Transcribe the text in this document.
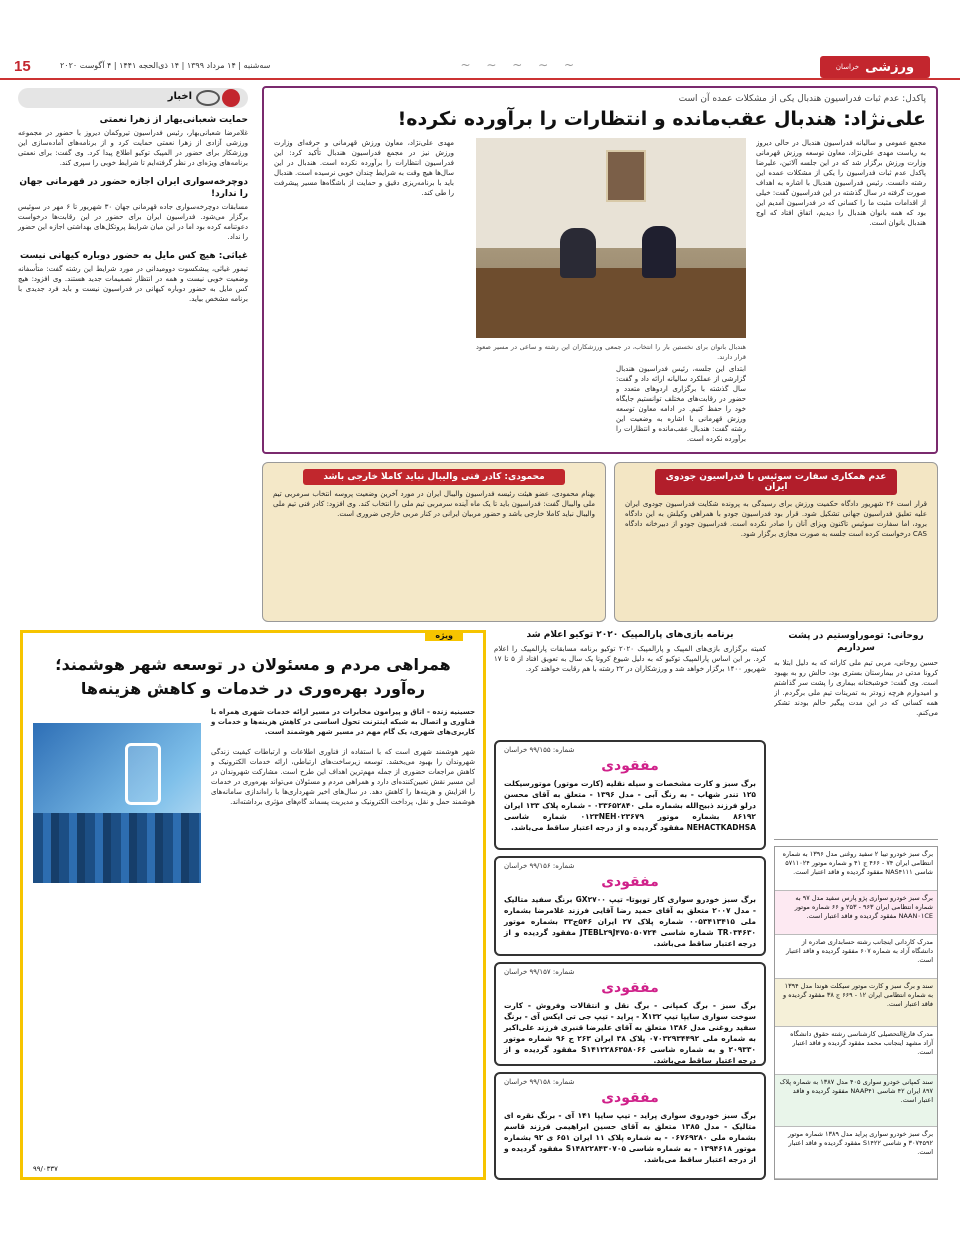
ورزشی
خراسان
~ ∽ ~ ∽ ~
سه‌شنبه | ۱۴ مرداد ۱۳۹۹ | ۱۴ ذی‌الحجه ۱۴۴۱ | ۴ آگوست ۲۰۲۰
15
اخبار
حمایت شعبانی‌بهار از زهرا نعمتی
غلامرضا شعبانی‌بهار، رئیس فدراسیون تیروکمان دیروز با حضور در مجموعه ورزشی آزادی از زهرا نعمتی حمایت کرد و از برنامه‌های آماده‌سازی این ورزشکار برای حضور در المپیک توکیو اطلاع پیدا کرد. وی گفت: برای نعمتی برنامه‌های ویژه‌ای در نظر گرفته‌ایم تا شرایط خوبی را سپری کند.
دوچرخه‌سواری ایران اجازه حضور در قهرمانی جهان را ندارد!
مسابقات دوچرخه‌سواری جاده قهرمانی جهان ۳۰ شهریور تا ۶ مهر در سوئیس برگزار می‌شود. فدراسیون ایران برای حضور در این رقابت‌ها درخواست دعوتنامه کرده بود اما در این میان شرایط پروتکل‌های بهداشتی اجازه این حضور را نداد.
غیاثی: هیچ کس مایل به حضور دوباره کیهانی نیست
تیمور غیاثی، پیشکسوت دوومیدانی در مورد شرایط این رشته گفت: متأسفانه وضعیت خوبی نیست و همه در انتظار تصمیمات جدید هستند. وی افزود: هیچ کس مایل به حضور دوباره کیهانی در فدراسیون نیست و باید فرد جدیدی با برنامه مشخص بیاید.
پاکدل: عدم ثبات فدراسیون هندبال یکی از مشکلات عمده آن است
علی‌نژاد: هندبال عقب‌مانده و انتظارات را برآورده نکرده!
مجمع عمومی و سالیانه فدراسیون هندبال در حالی دیروز به ریاست مهدی علی‌نژاد، معاون توسعه ورزش قهرمانی وزارت ورزش برگزار شد که در این جلسه آلاتین، علیرضا پاکدل عدم ثبات فدراسیون را یکی از مشکلات عمده این رشته دانست. رئیس فدراسیون هندبال با اشاره به اهداف صورت گرفته در سال گذشته در این فدراسیون گفت: خیلی از اقدامات مثبت ما را کسانی که در فدراسیون آمدیم این بود که همه بانوان هندبال را دیدیم، اتفاق افتاد که اوج هندبال بانوان است.
هندبال بانوان برای نخستین بار را انتخاب، در جمعی ورزشکاران این رشته و ساعی در مسیر صعود قرار دارند.
ابتدای این جلسه، رئیس فدراسیون هندبال گزارشی از عملکرد سالیانه ارائه داد و گفت: سال گذشته با برگزاری اردوهای متعدد و حضور در رقابت‌های مختلف توانستیم جایگاه خود را حفظ کنیم. در ادامه معاون توسعه ورزش قهرمانی با اشاره به وضعیت این رشته گفت: هندبال عقب‌مانده و انتظارات را برآورده نکرده است.
مهدی علی‌نژاد، معاون ورزش قهرمانی و حرفه‌ای وزارت ورزش نیز در مجمع فدراسیون هندبال تأکید کرد: این فدراسیون انتظارات را برآورده نکرده است. هندبال در این سال‌ها هیچ وقت به شرایط چندان خوبی نرسیده است. هندبال باید با برنامه‌ریزی دقیق و حمایت از باشگاه‌ها مسیر پیشرفت را طی کند.
عدم همکاری سفارت سوئیس با فدراسیون جودوی ایران
قرار است ۲۶ شهریور دادگاه حکمیت ورزش برای رسیدگی به پرونده شکایت فدراسیون جودوی ایران علیه تعلیق فدراسیون جهانی تشکیل شود. قرار بود فدراسیون جودو با همراهی وکیلش به این دادگاه برود، اما سفارت سوئیس تاکنون ویزای آنان را صادر نکرده است. فدراسیون جودو از دبیرخانه دادگاه CAS درخواست کرده است جلسه به صورت مجازی برگزار شود.
محمودی: کادر فنی والیبال نباید کاملا خارجی باشد
بهنام محمودی، عضو هیئت رئیسه فدراسیون والیبال ایران در مورد آخرین وضعیت پروسه انتخاب سرمربی تیم ملی والیبال گفت: فدراسیون باید تا یک ماه آینده سرمربی تیم ملی را انتخاب کند. وی افزود: کادر فنی تیم ملی والیبال نباید کاملا خارجی باشد و حضور مربیان ایرانی در کنار مربی خارجی ضروری است.
روحانی: توموراوستیم در پشت سرداریم
حسین روحانی، مربی تیم ملی کاراته که به دلیل ابتلا به کرونا مدتی در بیمارستان بستری بود، حالش رو به بهبود است. وی گفت: خوشبختانه بیماری را پشت سر گذاشتم و امیدوارم هرچه زودتر به تمرینات تیم ملی برگردم. از همه کسانی که در این مدت پیگیر حالم بودند تشکر می‌کنم.
برنامه بازی‌های پارالمپیک ۲۰۲۰ توکیو اعلام شد
کمیته برگزاری بازی‌های المپیک و پارالمپیک ۲۰۲۰ توکیو برنامه مسابقات پارالمپیک را اعلام کرد. بر این اساس پارالمپیک توکیو که به دلیل شیوع کرونا یک سال به تعویق افتاد از ۵ تا ۱۷ شهریور ۱۴۰۰ برگزار خواهد شد و ورزشکاران در ۲۲ رشته با هم رقابت خواهند کرد.
شماره: ۹۹/۱۵۵ خراسان
مفقودی
برگ سبز و کارت مشخصات و سیله نقلیه (کارت موتور) موتورسیکلت ۱۲۵ تندر شهاب - به رنگ آبی - مدل ۱۳۹۶ - متعلق به آقای محسن درلو فرزند ذبیح‌الله بشماره ملی ۰۳۳۶۵۲۸۴۰ - شماره پلاک ۱۳۳ ایران ۸۶۱۹۲ بشماره موتور ۰۱۲۳NEH۰۲۳۶۷۹ شماره شاسی NEHACTKADHSA مفقود گردیده و از درجه اعتبار ساقط می‌باشد.
شماره: ۹۹/۱۵۶ خراسان
مفقودی
برگ سبز خودرو سواری کار تویوتا- تیپ GX۲۷۰۰ برنگ سفید متالیک - مدل ۲۰۰۷ متعلق به آقای حمید رضا آقایی فرزند غلامرضا بشماره ملی ۰۰۵۳۴۱۳۴۱۵ شماره پلاک ۲۷ ایران ۵۴۶ج۳۳ بشماره موتور TR۰۳۴۶۳۰ شماره شاسی JTEBL۲۹J۴۷۵۰۵۰۷۲۴ مفقود گردیده و از درجه اعتبار ساقط می‌باشد.
شماره: ۹۹/۱۵۷ خراسان
مفقودی
برگ سبز - برگ کمپانی - برگ نقل و انتقالات وفروش - کارت سوخت سواری سایپا تیپ X۱۳۲ - پراید - تیپ جی تی ایکس آی - برنگ سفید روغنی مدل ۱۳۸۶ متعلق به آقای علیرضا قنبری فرزند علی‌اکبر به شماره ملی ۰۷۰۳۲۹۳۴۴۹۲ پلاک ۳۸ ایران ۲۶۳ ج ۹۶ شماره موتور ۲۰۹۳۳۰ و به شماره شاسی S۱۴۱۲۲۸۶۳۵۸۰۶۶ مفقود گردیده و از درجه اعتبار ساقط می‌باشد.
شماره: ۹۹/۱۵۸ خراسان
مفقودی
برگ سبز خودروی سواری پراید - تیپ سایپا ۱۴۱ آی - برنگ نقره ای متالیک - مدل ۱۳۸۵ متعلق به آقای حسین ابراهیمی فرزند قاسم بشماره ملی ۰۶۷۶۹۲۸۰ - به شماره پلاک ۱۱ ایران ۶۵۱ ی ۹۲ بشماره موتور ۱۳۹۴۶۱۸ - به شماره شاسی S۱۴۸۲۲۸۴۳۰۷۰۵ مفقود گردیده و از درجه اعتبار ساقط می‌باشد.
برگ سبز خودرو تیبا ۲ سفید روغنی مدل ۱۳۹۶ به شماره انتظامی ایران ۷۴ - ۴۶۶ ج ۴۱ و شماره موتور ۵۷۱۱۰۲۴ شاسی NAS۴۱۱۱ مفقود گردیده و فاقد اعتبار است.
برگ سبز خودرو سواری پژو پارس سفید مدل ۹۷ به شماره انتظامی ایران ۹۶۳ - ۲۵۳ و ۶۶ شماره موتور NAAN۰۱CE مفقود گردیده و فاقد اعتبار است.
مدرک کاردانی اینجانب رشته حسابداری صادره از دانشگاه آزاد به شماره ۶۰۷ مفقود گردیده و فاقد اعتبار است.
سند و برگ سبز و کارت موتور سیکلت هوندا مدل ۱۳۹۴ به شماره انتظامی ایران ۱۲ - ۶۶۹ ج ۳۸ مفقود گردیده و فاقد اعتبار است.
مدرک فارغ‌التحصیلی کارشناسی رشته حقوق دانشگاه آزاد مشهد اینجانب محمد مفقود گردیده و فاقد اعتبار است.
سند کمپانی خودرو سواری ۴۰۵ مدل ۱۳۸۷ به شماره پلاک ۸۹۷ ایران ۴۲ شاسی NAAP۴۱ مفقود گردیده و فاقد اعتبار است.
برگ سبز خودرو سواری پراید مدل ۱۳۸۹ شماره موتور ۳۰۷۴۵۹۲ و شاسی S۱۴۲۲ مفقود گردیده و فاقد اعتبار است.
ویژه
همراهی مردم و مسئولان در توسعه شهر هوشمند؛ ره‌آورد بهره‌وری در خدمات و کاهش هزینه‌ها
حسینیه زنده - اتاق و پیرامون مخابرات در مسیر ارائه خدمات شهری همراه با فناوری و اتصال به شبکه اینترنت تحول اساسی در کاهش هزینه‌ها و خدمات و کاربری‌های شهری، یک گام مهم در مسیر شهر هوشمند است.
شهر هوشمند شهری است که با استفاده از فناوری اطلاعات و ارتباطات کیفیت زندگی شهروندان را بهبود می‌بخشد. توسعه زیرساخت‌های ارتباطی، ارائه خدمات الکترونیک و کاهش مراجعات حضوری از جمله مهم‌ترین اهداف این طرح است. مشارکت شهروندان در این مسیر نقش تعیین‌کننده‌ای دارد و همراهی مردم و مسئولان می‌تواند بهره‌وری در خدمات را افزایش و هزینه‌ها را کاهش دهد. در سال‌های اخیر شهرداری‌ها با راه‌اندازی سامانه‌های هوشمند حمل و نقل، پرداخت الکترونیک و مدیریت پسماند گام‌های مؤثری برداشته‌اند.
۹۹/۰۳۳۷
